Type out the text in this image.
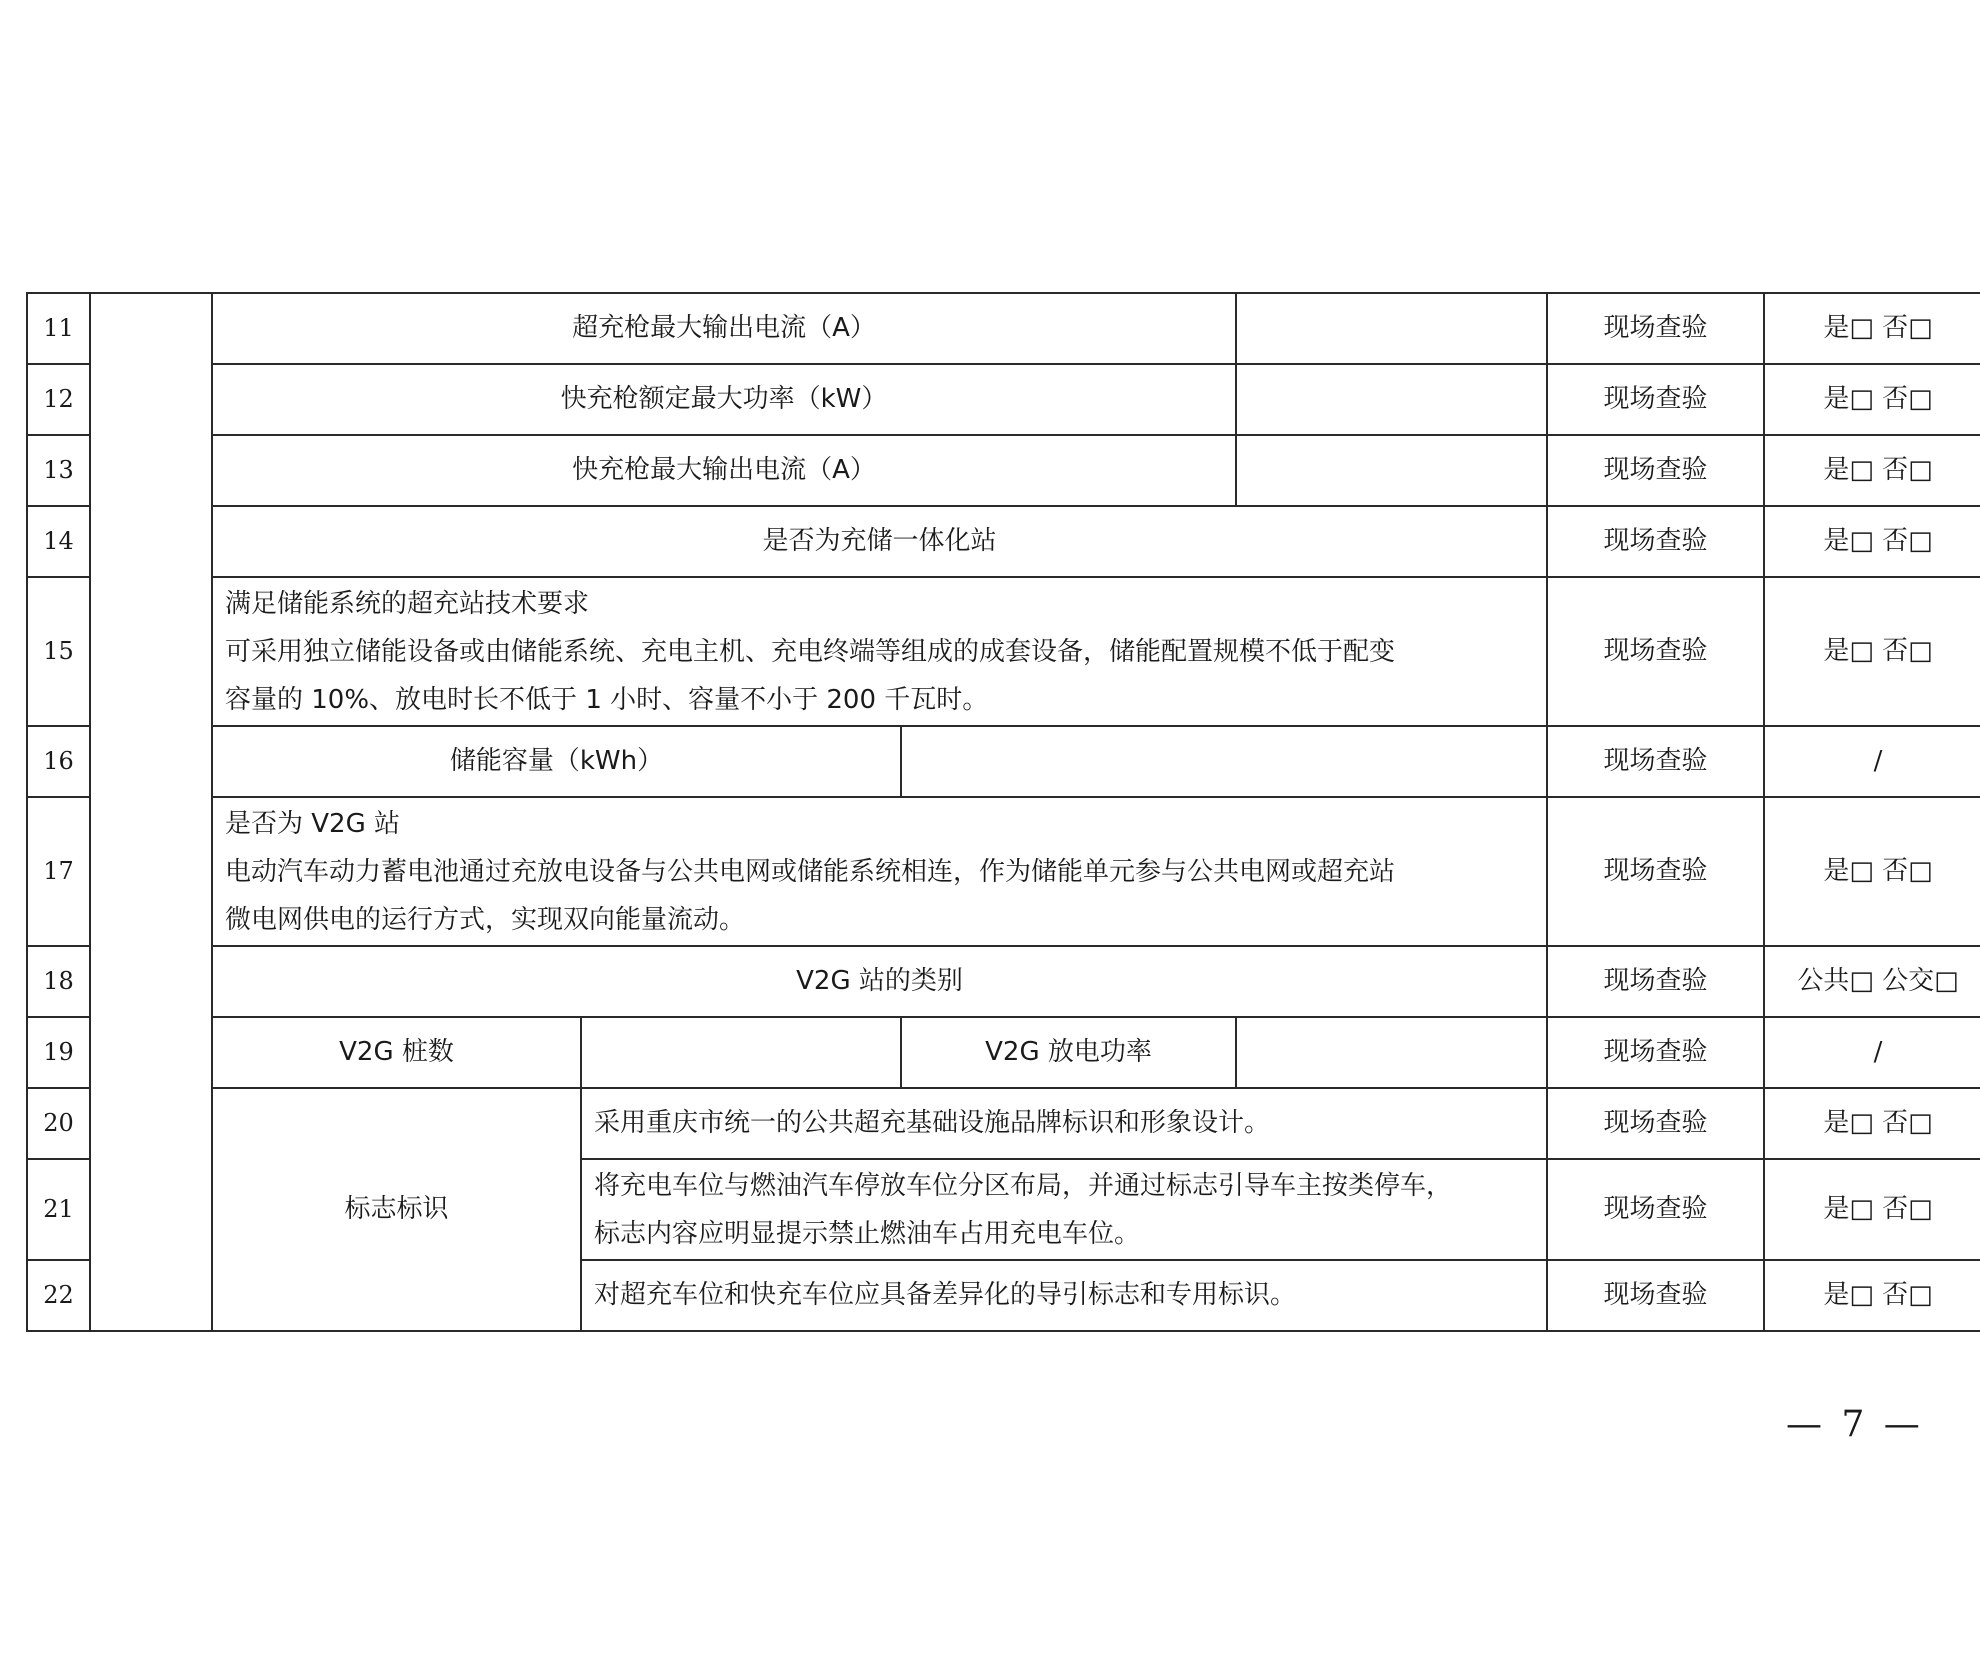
11		超充枪最大输出电流（A）				现场查验	是□ 否□
12		快充枪额定最大功率（kW）				现场查验	是□ 否□
13		快充枪最大输出电流（A）				现场查验	是□ 否□
14		是否为充储一体化站				现场查验	是□ 否□
15		满足储能系统的超充站技术要求
可采用独立储能设备或由储能系统、充电主机、充电终端等组成的成套设备，储能配置规模不低于配变
容量的 10%、放电时长不低于 1 小时、容量不小于 200 千瓦时。				现场查验	是□ 否□
16		储能容量（kWh）				现场查验	/
17		是否为 V2G 站
电动汽车动力蓄电池通过充放电设备与公共电网或储能系统相连，作为储能单元参与公共电网或超充站
微电网供电的运行方式，实现双向能量流动。				现场查验	是□ 否□
18		V2G 站的类别				现场查验	公共□ 公交□
19		V2G 桩数		V2G 放电功率		现场查验	/
20		标志标识	采用重庆市统一的公共超充基础设施品牌标识和形象设计。			现场查验	是□ 否□
21			将充电车位与燃油汽车停放车位分区布局，并通过标志引导车主按类停车，
标志内容应明显提示禁止燃油车占用充电车位。			现场查验	是□ 否□
22			对超充车位和快充车位应具备差异化的导引标志和专用标识。			现场查验	是□ 否□
— 7 —
